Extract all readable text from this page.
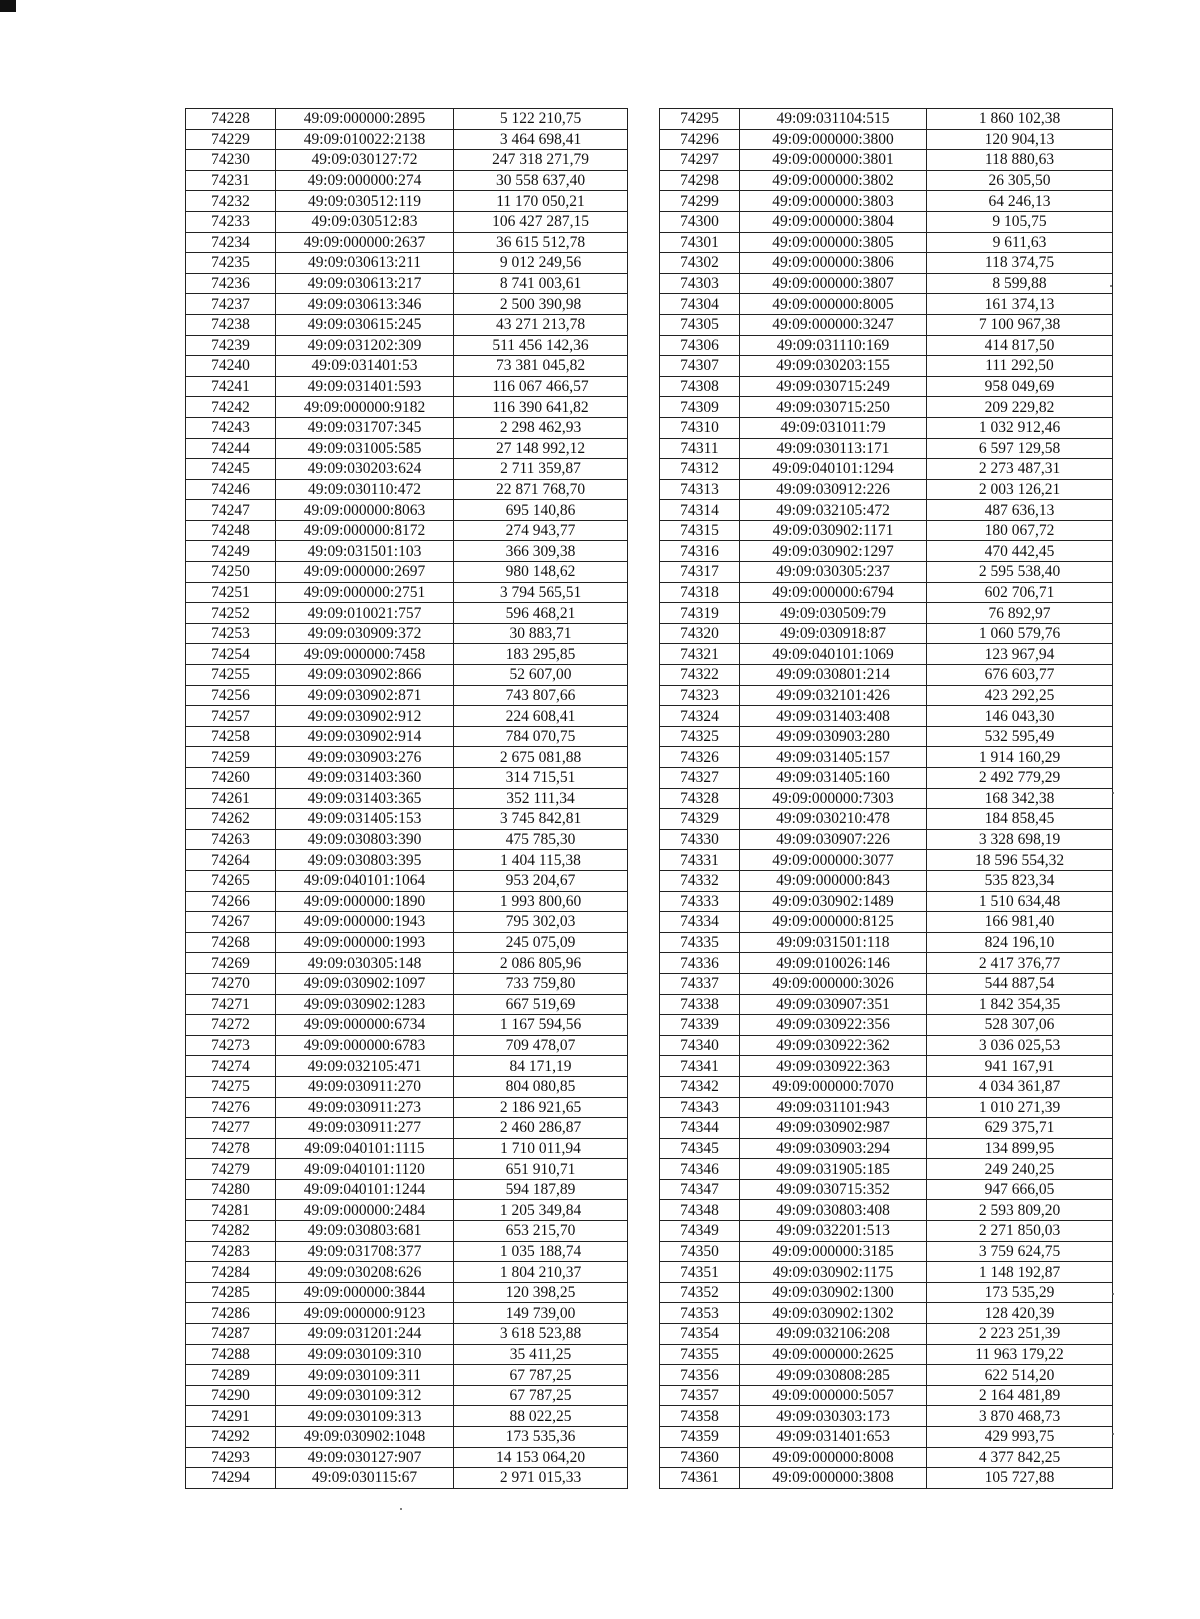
74228	49:09:000000:2895	5 122 210,75
74229	49:09:010022:2138	3 464 698,41
74230	49:09:030127:72	247 318 271,79
74231	49:09:000000:274	30 558 637,40
74232	49:09:030512:119	11 170 050,21
74233	49:09:030512:83	106 427 287,15
74234	49:09:000000:2637	36 615 512,78
74235	49:09:030613:211	9 012 249,56
74236	49:09:030613:217	8 741 003,61
74237	49:09:030613:346	2 500 390,98
74238	49:09:030615:245	43 271 213,78
74239	49:09:031202:309	511 456 142,36
74240	49:09:031401:53	73 381 045,82
74241	49:09:031401:593	116 067 466,57
74242	49:09:000000:9182	116 390 641,82
74243	49:09:031707:345	2 298 462,93
74244	49:09:031005:585	27 148 992,12
74245	49:09:030203:624	2 711 359,87
74246	49:09:030110:472	22 871 768,70
74247	49:09:000000:8063	695 140,86
74248	49:09:000000:8172	274 943,77
74249	49:09:031501:103	366 309,38
74250	49:09:000000:2697	980 148,62
74251	49:09:000000:2751	3 794 565,51
74252	49:09:010021:757	596 468,21
74253	49:09:030909:372	30 883,71
74254	49:09:000000:7458	183 295,85
74255	49:09:030902:866	52 607,00
74256	49:09:030902:871	743 807,66
74257	49:09:030902:912	224 608,41
74258	49:09:030902:914	784 070,75
74259	49:09:030903:276	2 675 081,88
74260	49:09:031403:360	314 715,51
74261	49:09:031403:365	352 111,34
74262	49:09:031405:153	3 745 842,81
74263	49:09:030803:390	475 785,30
74264	49:09:030803:395	1 404 115,38
74265	49:09:040101:1064	953 204,67
74266	49:09:000000:1890	1 993 800,60
74267	49:09:000000:1943	795 302,03
74268	49:09:000000:1993	245 075,09
74269	49:09:030305:148	2 086 805,96
74270	49:09:030902:1097	733 759,80
74271	49:09:030902:1283	667 519,69
74272	49:09:000000:6734	1 167 594,56
74273	49:09:000000:6783	709 478,07
74274	49:09:032105:471	84 171,19
74275	49:09:030911:270	804 080,85
74276	49:09:030911:273	2 186 921,65
74277	49:09:030911:277	2 460 286,87
74278	49:09:040101:1115	1 710 011,94
74279	49:09:040101:1120	651 910,71
74280	49:09:040101:1244	594 187,89
74281	49:09:000000:2484	1 205 349,84
74282	49:09:030803:681	653 215,70
74283	49:09:031708:377	1 035 188,74
74284	49:09:030208:626	1 804 210,37
74285	49:09:000000:3844	120 398,25
74286	49:09:000000:9123	149 739,00
74287	49:09:031201:244	3 618 523,88
74288	49:09:030109:310	35 411,25
74289	49:09:030109:311	67 787,25
74290	49:09:030109:312	67 787,25
74291	49:09:030109:313	88 022,25
74292	49:09:030902:1048	173 535,36
74293	49:09:030127:907	14 153 064,20
74294	49:09:030115:67	2 971 015,33
74295	49:09:031104:515	1 860 102,38
74296	49:09:000000:3800	120 904,13
74297	49:09:000000:3801	118 880,63
74298	49:09:000000:3802	26 305,50
74299	49:09:000000:3803	64 246,13
74300	49:09:000000:3804	9 105,75
74301	49:09:000000:3805	9 611,63
74302	49:09:000000:3806	118 374,75
74303	49:09:000000:3807	8 599,88
74304	49:09:000000:8005	161 374,13
74305	49:09:000000:3247	7 100 967,38
74306	49:09:031110:169	414 817,50
74307	49:09:030203:155	111 292,50
74308	49:09:030715:249	958 049,69
74309	49:09:030715:250	209 229,82
74310	49:09:031011:79	1 032 912,46
74311	49:09:030113:171	6 597 129,58
74312	49:09:040101:1294	2 273 487,31
74313	49:09:030912:226	2 003 126,21
74314	49:09:032105:472	487 636,13
74315	49:09:030902:1171	180 067,72
74316	49:09:030902:1297	470 442,45
74317	49:09:030305:237	2 595 538,40
74318	49:09:000000:6794	602 706,71
74319	49:09:030509:79	76 892,97
74320	49:09:030918:87	1 060 579,76
74321	49:09:040101:1069	123 967,94
74322	49:09:030801:214	676 603,77
74323	49:09:032101:426	423 292,25
74324	49:09:031403:408	146 043,30
74325	49:09:030903:280	532 595,49
74326	49:09:031405:157	1 914 160,29
74327	49:09:031405:160	2 492 779,29
74328	49:09:000000:7303	168 342,38
74329	49:09:030210:478	184 858,45
74330	49:09:030907:226	3 328 698,19
74331	49:09:000000:3077	18 596 554,32
74332	49:09:000000:843	535 823,34
74333	49:09:030902:1489	1 510 634,48
74334	49:09:000000:8125	166 981,40
74335	49:09:031501:118	824 196,10
74336	49:09:010026:146	2 417 376,77
74337	49:09:000000:3026	544 887,54
74338	49:09:030907:351	1 842 354,35
74339	49:09:030922:356	528 307,06
74340	49:09:030922:362	3 036 025,53
74341	49:09:030922:363	941 167,91
74342	49:09:000000:7070	4 034 361,87
74343	49:09:031101:943	1 010 271,39
74344	49:09:030902:987	629 375,71
74345	49:09:030903:294	134 899,95
74346	49:09:031905:185	249 240,25
74347	49:09:030715:352	947 666,05
74348	49:09:030803:408	2 593 809,20
74349	49:09:032201:513	2 271 850,03
74350	49:09:000000:3185	3 759 624,75
74351	49:09:030902:1175	1 148 192,87
74352	49:09:030902:1300	173 535,29
74353	49:09:030902:1302	128 420,39
74354	49:09:032106:208	2 223 251,39
74355	49:09:000000:2625	11 963 179,22
74356	49:09:030808:285	622 514,20
74357	49:09:000000:5057	2 164 481,89
74358	49:09:030303:173	3 870 468,73
74359	49:09:031401:653	429 993,75
74360	49:09:000000:8008	4 377 842,25
74361	49:09:000000:3808	105 727,88
